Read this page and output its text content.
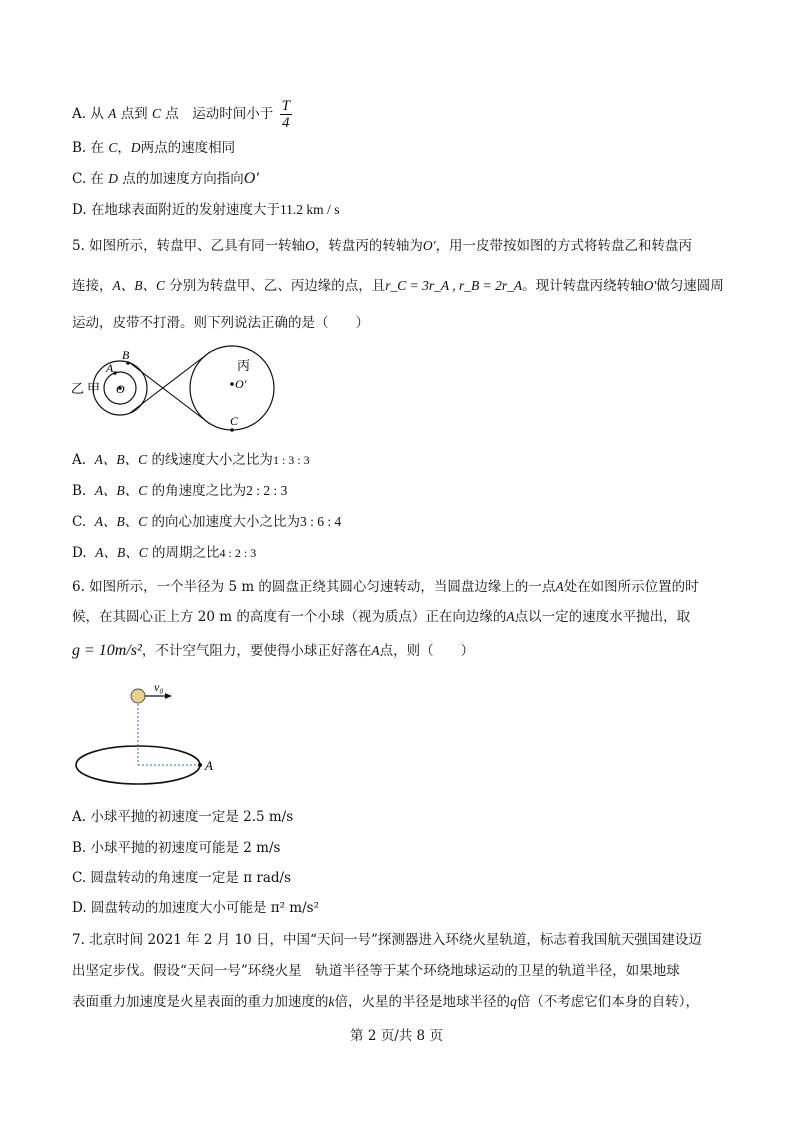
A. 从 A 点到 C 点　运动时间小于 $\frac{T}{4}$
B. 在 C，D两点的速度相同
C. 在 D 点的加速度方向指向O'
D. 在地球表面附近的发射速度大于11.2 km / s
5. 如图所示，转盘甲、乙具有同一转轴O，转盘丙的转轴为O'，用一皮带按如图的方式将转盘乙和转盘丙
连接，A、B、C 分别为转盘甲、乙、丙边缘的点，且r_C = 3r_A , r_B = 2r_A。现计转盘丙绕转轴O'做匀速圆周
运动，皮带不打滑。则下列说法正确的是（　　）
乙 甲
丙
A
B
O	O'
C
A. A、B、C 的线速度大小之比为1 : 3 : 3
B. A、B、C 的角速度之比为2 : 2 : 3
C. A、B、C 的向心加速度大小之比为3 : 6 : 4
D. A、B、C 的周期之比4 : 2 : 3
6. 如图所示，一个半径为 5 m 的圆盘正绕其圆心匀速转动，当圆盘边缘上的一点A处在如图所示位置的时
候，在其圆心正上方 20 m 的高度有一个小球（视为质点）正在向边缘的A点以一定的速度水平抛出，取
g = 10m/s²，不计空气阻力，要使得小球正好落在A点，则（　　）
v₀
A
A. 小球平抛的初速度一定是 2.5 m/s
B. 小球平抛的初速度可能是 2 m/s
C. 圆盘转动的角速度一定是 π rad/s
D. 圆盘转动的加速度大小可能是 π² m/s²
7. 北京时间 2021 年 2 月 10 日，中国“天问一号”探测器进入环绕火星轨道，标志着我国航天强国建设迈
出坚定步伐。假设“天问一号”环绕火星　轨道半径等于某个环绕地球运动的卫星的轨道半径，如果地球
表面重力加速度是火星表面的重力加速度的k倍，火星的半径是地球半径的q倍（不考虑它们本身的自转），
第 2 页/共 8 页
